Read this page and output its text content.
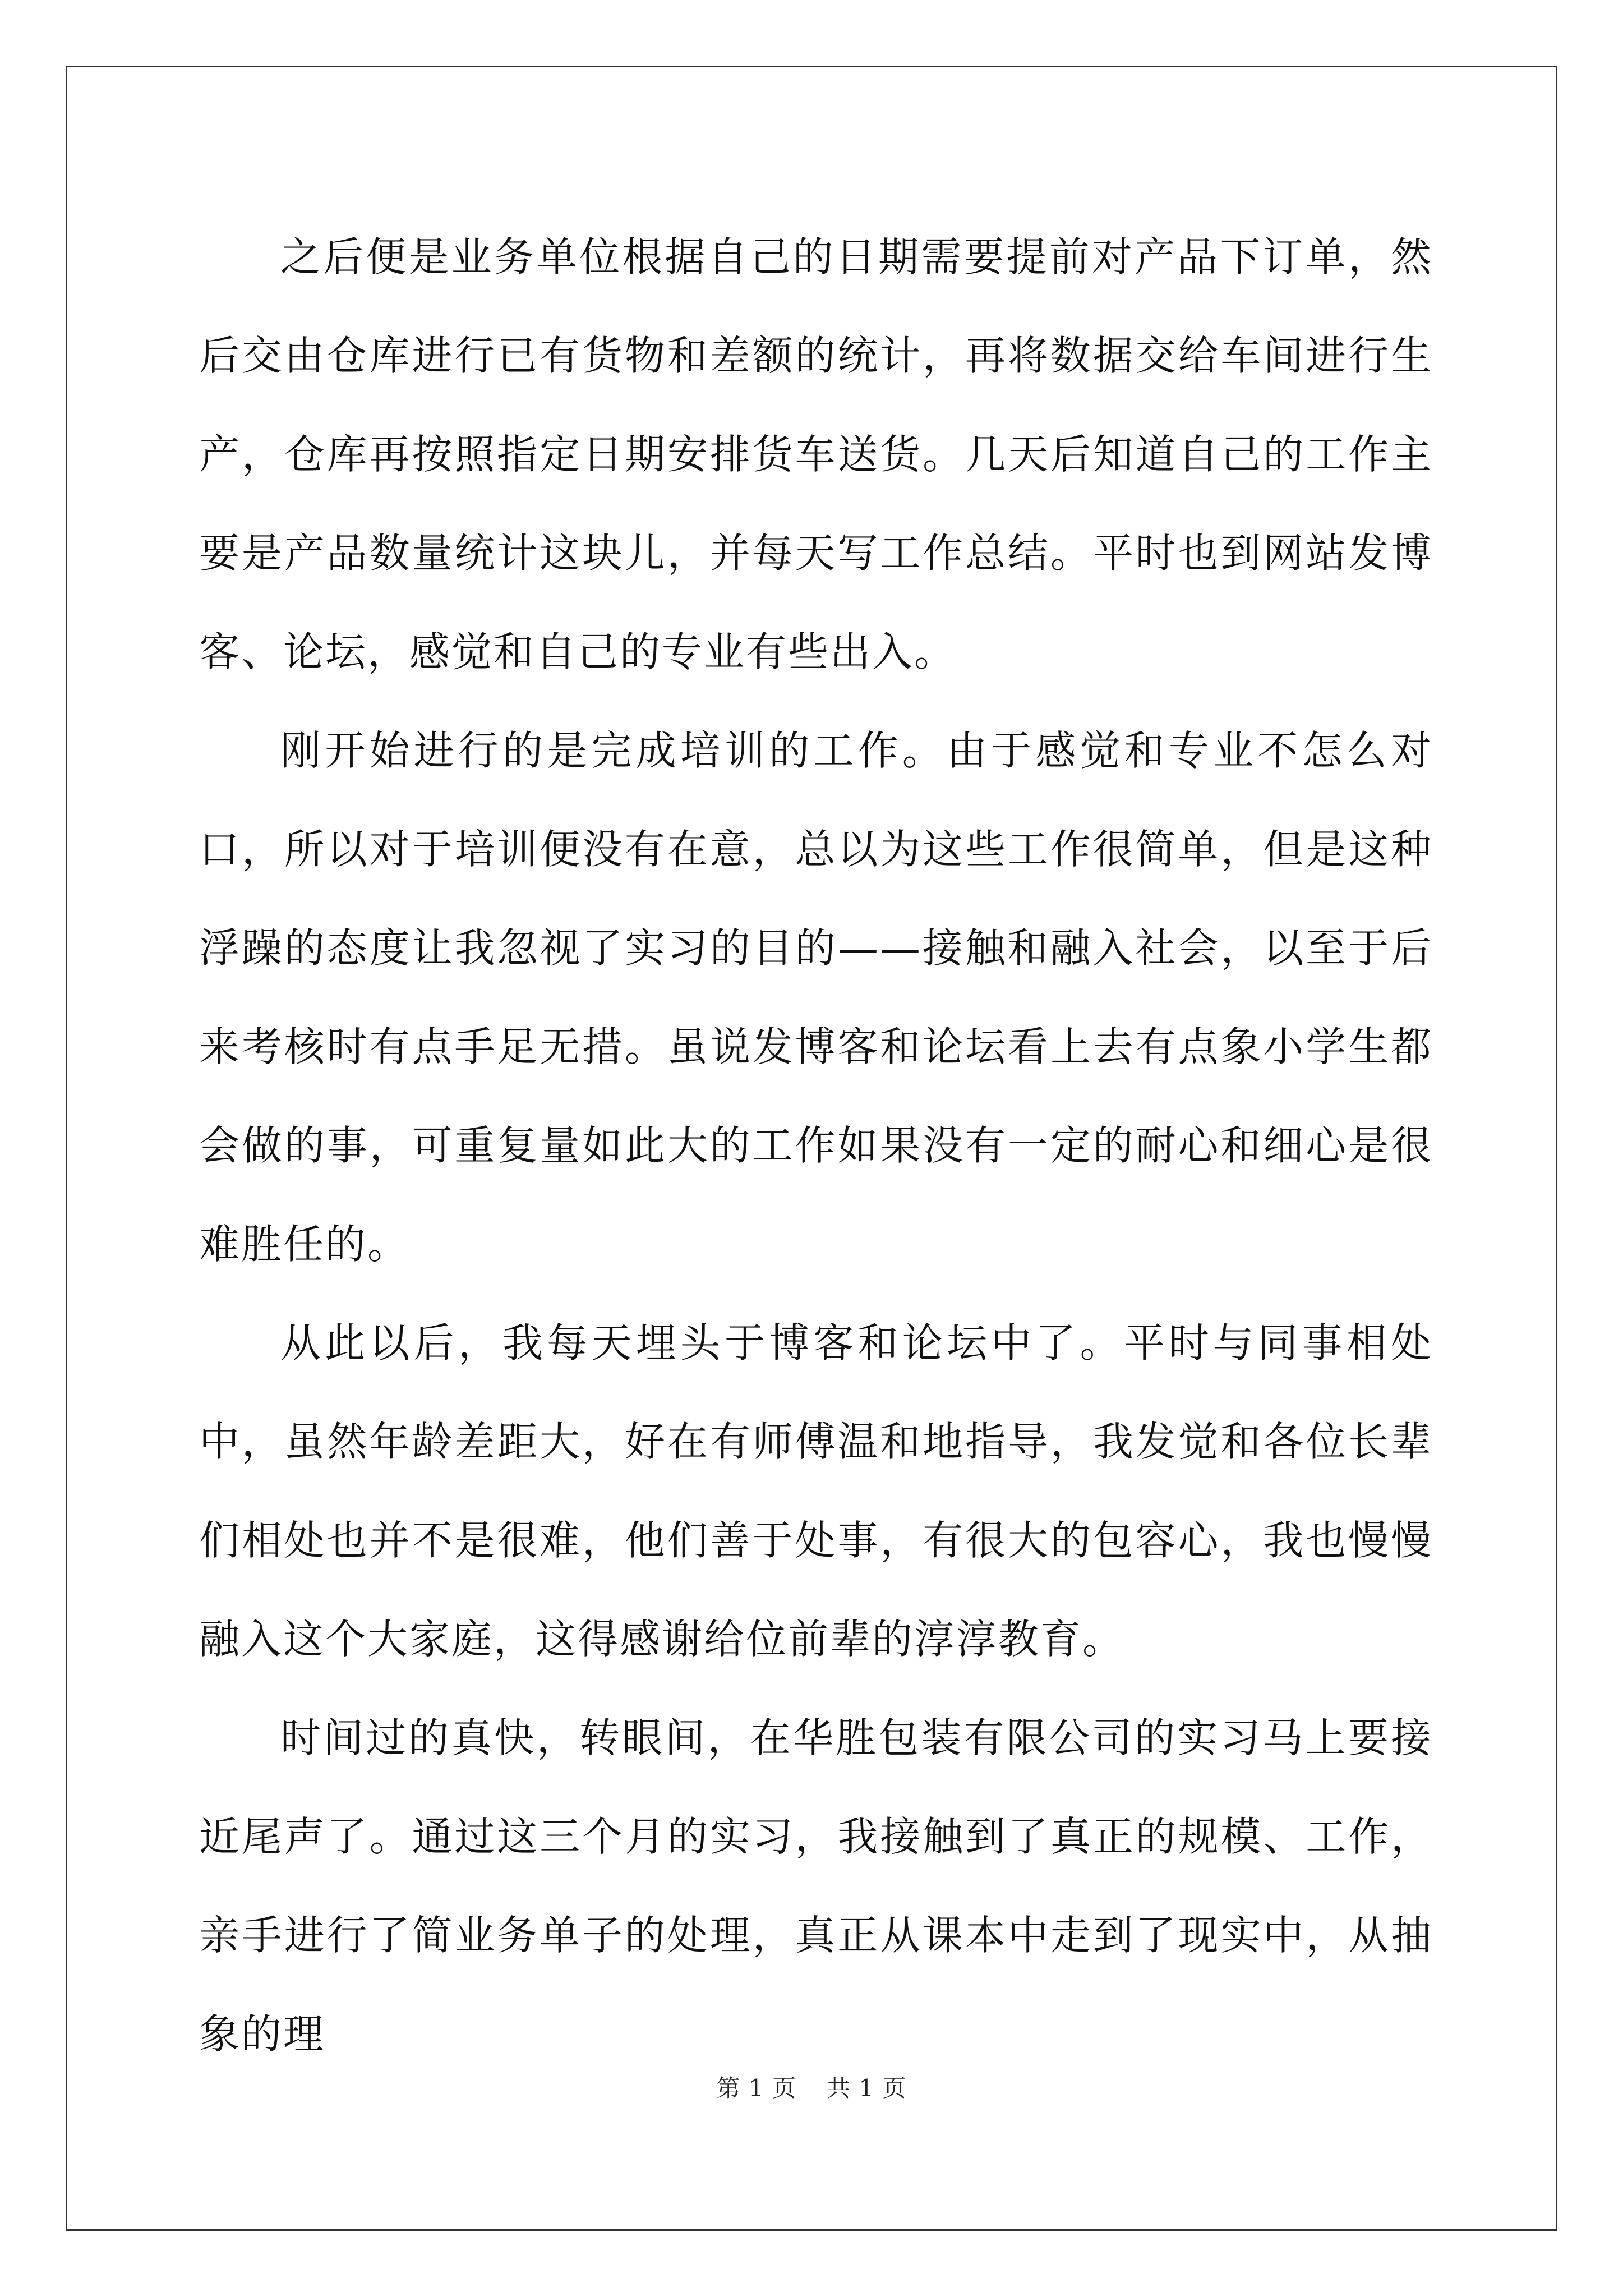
之后便是业务单位根据自己的日期需要提前对产品下订单，然后交由仓库进行已有货物和差额的统计，再将数据交给车间进行生产，仓库再按照指定日期安排货车送货。几天后知道自己的工作主要是产品数量统计这块儿，并每天写工作总结。平时也到网站发博客、论坛，感觉和自己的专业有些出入。

刚开始进行的是完成培训的工作。由于感觉和专业不怎么对口，所以对于培训便没有在意，总以为这些工作很简单，但是这种浮躁的态度让我忽视了实习的目的——接触和融入社会，以至于后来考核时有点手足无措。虽说发博客和论坛看上去有点象小学生都会做的事，可重复量如此大的工作如果没有一定的耐心和细心是很难胜任的。

从此以后，我每天埋头于博客和论坛中了。平时与同事相处中，虽然年龄差距大，好在有师傅温和地指导，我发觉和各位长辈们相处也并不是很难，他们善于处事，有很大的包容心，我也慢慢融入这个大家庭，这得感谢给位前辈的淳淳教育。

时间过的真快，转眼间，在华胜包装有限公司的实习马上要接近尾声了。通过这三个月的实习，我接触到了真正的规模、工作，亲手进行了简业务单子的处理，真正从课本中走到了现实中，从抽象的理

第 1 页 共 1 页
